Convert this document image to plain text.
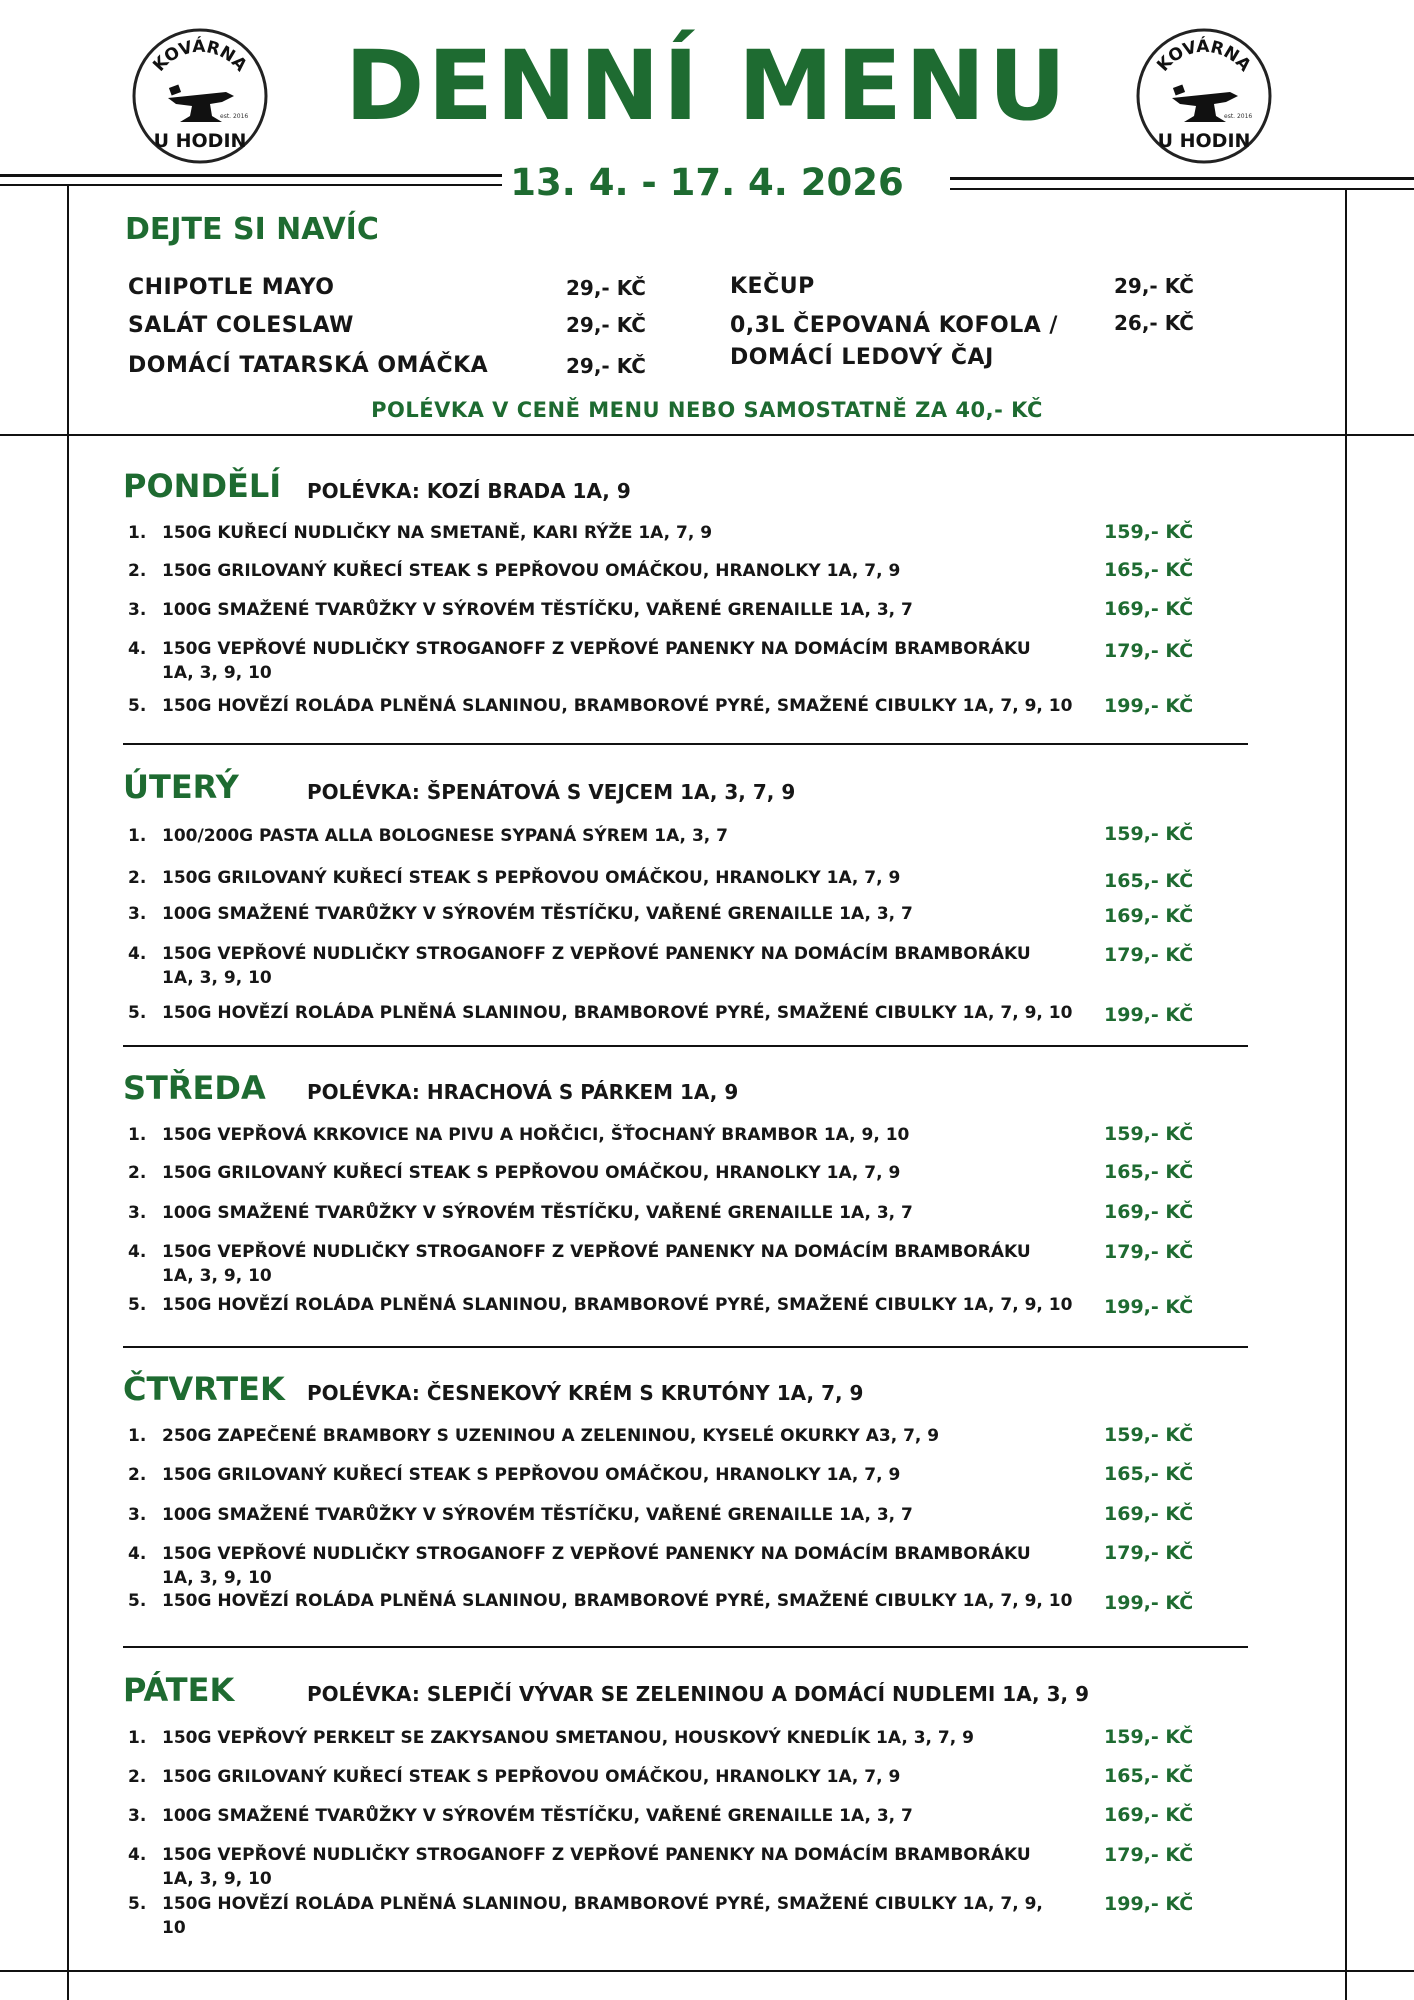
KOVÁRNA
est. 2016
U HODIN
KOVÁRNA
est. 2016
U HODIN
DENNÍ MENU
13. 4. - 17. 4. 2026
DEJTE SI NAVÍC
CHIPOTLE MAYO	29,- KČ
SALÁT COLESLAW	29,- KČ
DOMÁCÍ TATARSKÁ OMÁČKA	29,- KČ
KEČUP	29,- KČ
0,3L ČEPOVANÁ KOFOLA /
DOMÁCÍ LEDOVÝ ČAJ
26,- KČ
POLÉVKA V CENĚ MENU NEBO SAMOSTATNĚ ZA 40,- KČ
PONDĚLÍ POLÉVKA: KOZÍ BRADA 1A, 9
1. 150G KUŘECÍ NUDLIČKY NA SMETANĚ, KARI RÝŽE 1A, 7, 9	159,- KČ
2. 150G GRILOVANÝ KUŘECÍ STEAK S PEPŘOVOU OMÁČKOU, HRANOLKY 1A, 7, 9	165,- KČ
3. 100G SMAŽENÉ TVARŮŽKY V SÝROVÉM TĚSTÍČKU, VAŘENÉ GRENAILLE 1A, 3, 7	169,- KČ
4. 150G VEPŘOVÉ NUDLIČKY STROGANOFF Z VEPŘOVÉ PANENKY NA DOMÁCÍM BRAMBORÁKU
1A, 3, 9, 10
179,- KČ
5. 150G HOVĚZÍ ROLÁDA PLNĚNÁ SLANINOU, BRAMBOROVÉ PYRÉ, SMAŽENÉ CIBULKY 1A, 7, 9, 10	199,- KČ
ÚTERÝ	POLÉVKA: ŠPENÁTOVÁ S VEJCEM 1A, 3, 7, 9
1. 100/200G PASTA ALLA BOLOGNESE SYPANÁ SÝREM 1A, 3, 7	159,- KČ
2. 150G GRILOVANÝ KUŘECÍ STEAK S PEPŘOVOU OMÁČKOU, HRANOLKY 1A, 7, 9	165,- KČ
3. 100G SMAŽENÉ TVARŮŽKY V SÝROVÉM TĚSTÍČKU, VAŘENÉ GRENAILLE 1A, 3, 7	169,- KČ
4. 150G VEPŘOVÉ NUDLIČKY STROGANOFF Z VEPŘOVÉ PANENKY NA DOMÁCÍM BRAMBORÁKU
1A, 3, 9, 10
179,- KČ
5. 150G HOVĚZÍ ROLÁDA PLNĚNÁ SLANINOU, BRAMBOROVÉ PYRÉ, SMAŽENÉ CIBULKY 1A, 7, 9, 10	199,- KČ
STŘEDA POLÉVKA: HRACHOVÁ S PÁRKEM 1A, 9
1. 150G VEPŘOVÁ KRKOVICE NA PIVU A HOŘČICI, ŠŤOCHANÝ BRAMBOR 1A, 9, 10	159,- KČ
2. 150G GRILOVANÝ KUŘECÍ STEAK S PEPŘOVOU OMÁČKOU, HRANOLKY 1A, 7, 9	165,- KČ
3. 100G SMAŽENÉ TVARŮŽKY V SÝROVÉM TĚSTÍČKU, VAŘENÉ GRENAILLE 1A, 3, 7	169,- KČ
4. 150G VEPŘOVÉ NUDLIČKY STROGANOFF Z VEPŘOVÉ PANENKY NA DOMÁCÍM BRAMBORÁKU
1A, 3, 9, 10
179,- KČ
5. 150G HOVĚZÍ ROLÁDA PLNĚNÁ SLANINOU, BRAMBOROVÉ PYRÉ, SMAŽENÉ CIBULKY 1A, 7, 9, 10	199,- KČ
ČTVRTEK POLÉVKA: ČESNEKOVÝ KRÉM S KRUTÓNY 1A, 7, 9
1. 250G ZAPEČENÉ BRAMBORY S UZENINOU A ZELENINOU, KYSELÉ OKURKY A3, 7, 9	159,- KČ
2. 150G GRILOVANÝ KUŘECÍ STEAK S PEPŘOVOU OMÁČKOU, HRANOLKY 1A, 7, 9	165,- KČ
3. 100G SMAŽENÉ TVARŮŽKY V SÝROVÉM TĚSTÍČKU, VAŘENÉ GRENAILLE 1A, 3, 7	169,- KČ
4. 150G VEPŘOVÉ NUDLIČKY STROGANOFF Z VEPŘOVÉ PANENKY NA DOMÁCÍM BRAMBORÁKU
1A, 3, 9, 10
179,- KČ
5. 150G HOVĚZÍ ROLÁDA PLNĚNÁ SLANINOU, BRAMBOROVÉ PYRÉ, SMAŽENÉ CIBULKY 1A, 7, 9, 10	199,- KČ
PÁTEK	POLÉVKA: SLEPIČÍ VÝVAR SE ZELENINOU A DOMÁCÍ NUDLEMI 1A, 3, 9
1. 150G VEPŘOVÝ PERKELT SE ZAKYSANOU SMETANOU, HOUSKOVÝ KNEDLÍK 1A, 3, 7, 9	159,- KČ
2. 150G GRILOVANÝ KUŘECÍ STEAK S PEPŘOVOU OMÁČKOU, HRANOLKY 1A, 7, 9	165,- KČ
3. 100G SMAŽENÉ TVARŮŽKY V SÝROVÉM TĚSTÍČKU, VAŘENÉ GRENAILLE 1A, 3, 7	169,- KČ
4. 150G VEPŘOVÉ NUDLIČKY STROGANOFF Z VEPŘOVÉ PANENKY NA DOMÁCÍM BRAMBORÁKU
1A, 3, 9, 10
179,- KČ
5. 150G HOVĚZÍ ROLÁDA PLNĚNÁ SLANINOU, BRAMBOROVÉ PYRÉ, SMAŽENÉ CIBULKY 1A, 7, 9,
10
199,- KČ
